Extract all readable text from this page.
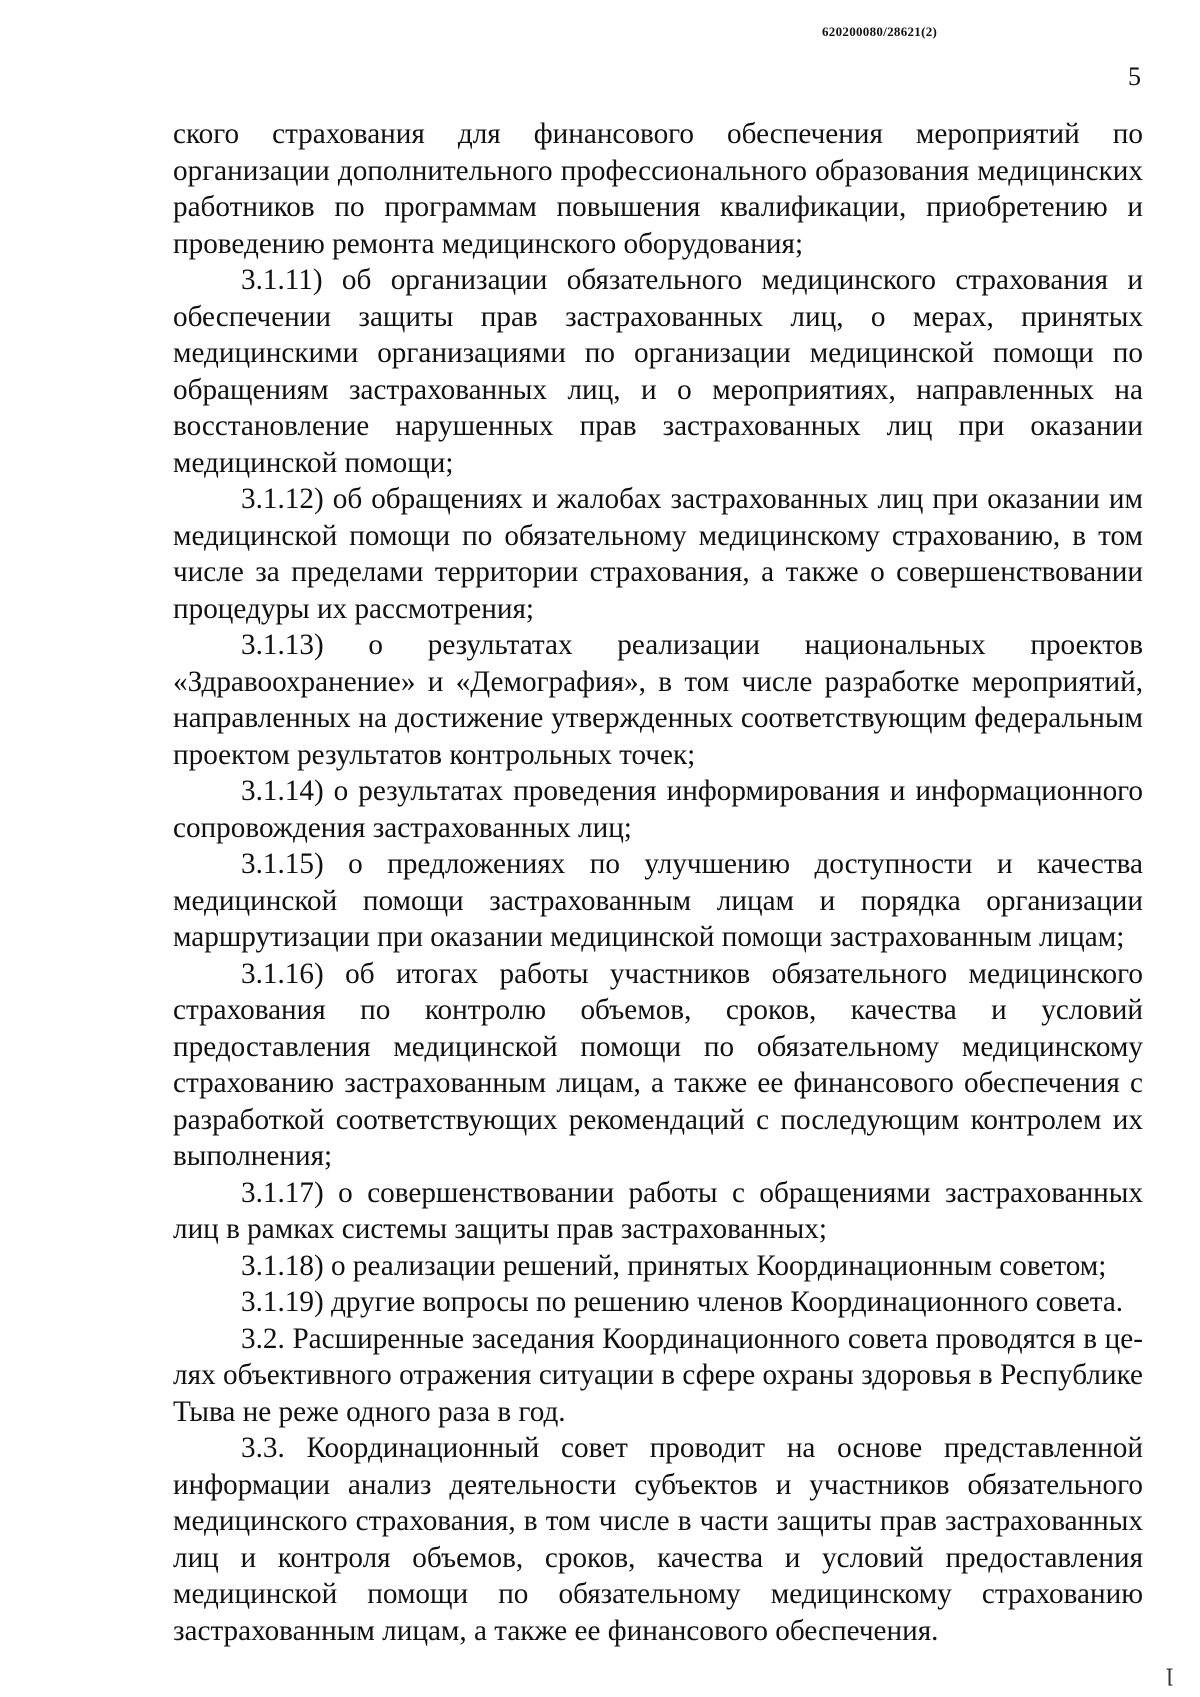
620200080/28621(2)
5

ского страхования для финансового обеспечения мероприятий по организации дополнительного профессионального образования медицинских работников по программам повышения квалификации, приобретению и проведению ремонта медицинского оборудования;

3.1.11) об организации обязательного медицинского страхования и обеспечении защиты прав застрахованных лиц, о мерах, принятых медицинскими организациями по организации медицинской помощи по обращениям застрахованных лиц, и о мероприятиях, направленных на восстановление нарушенных прав застрахованных лиц при оказании медицинской помощи;

3.1.12) об обращениях и жалобах застрахованных лиц при оказании им медицинской помощи по обязательному медицинскому страхованию, в том числе за пределами территории страхования, а также о совершенствовании процедуры их рассмотрения;

3.1.13) о результатах реализации национальных проектов «Здравоохранение» и «Демография», в том числе разработке мероприятий, направленных на достижение утвержденных соответствующим федеральным проектом результатов контрольных точек;

3.1.14) о результатах проведения информирования и информационного сопровождения застрахованных лиц;

3.1.15) о предложениях по улучшению доступности и качества медицинской помощи застрахованным лицам и порядка организации маршрутизации при оказании медицинской помощи застрахованным лицам;

3.1.16) об итогах работы участников обязательного медицинского страхования по контролю объемов, сроков, качества и условий предоставления медицинской помощи по обязательному медицинскому страхованию застрахованным лицам, а также ее финансового обеспечения с разработкой соответствующих рекомендаций с последующим контролем их выполнения;

3.1.17) о совершенствовании работы с обращениями застрахованных лиц в рамках системы защиты прав застрахованных;

3.1.18) о реализации решений, принятых Координационным советом;

3.1.19) другие вопросы по решению членов Координационного совета.

3.2. Расширенные заседания Координационного совета проводятся в целях объективного отражения ситуации в сфере охраны здоровья в Республике Тыва не реже одного раза в год.

3.3. Координационный совет проводит на основе представленной информации анализ деятельности субъектов и участников обязательного медицинского страхования, в том числе в части защиты прав застрахованных лиц и контроля объемов, сроков, качества и условий предоставления медицинской помощи по обязательному медицинскому страхованию застрахованным лицам, а также ее финансового обеспечения.

ꞁ
